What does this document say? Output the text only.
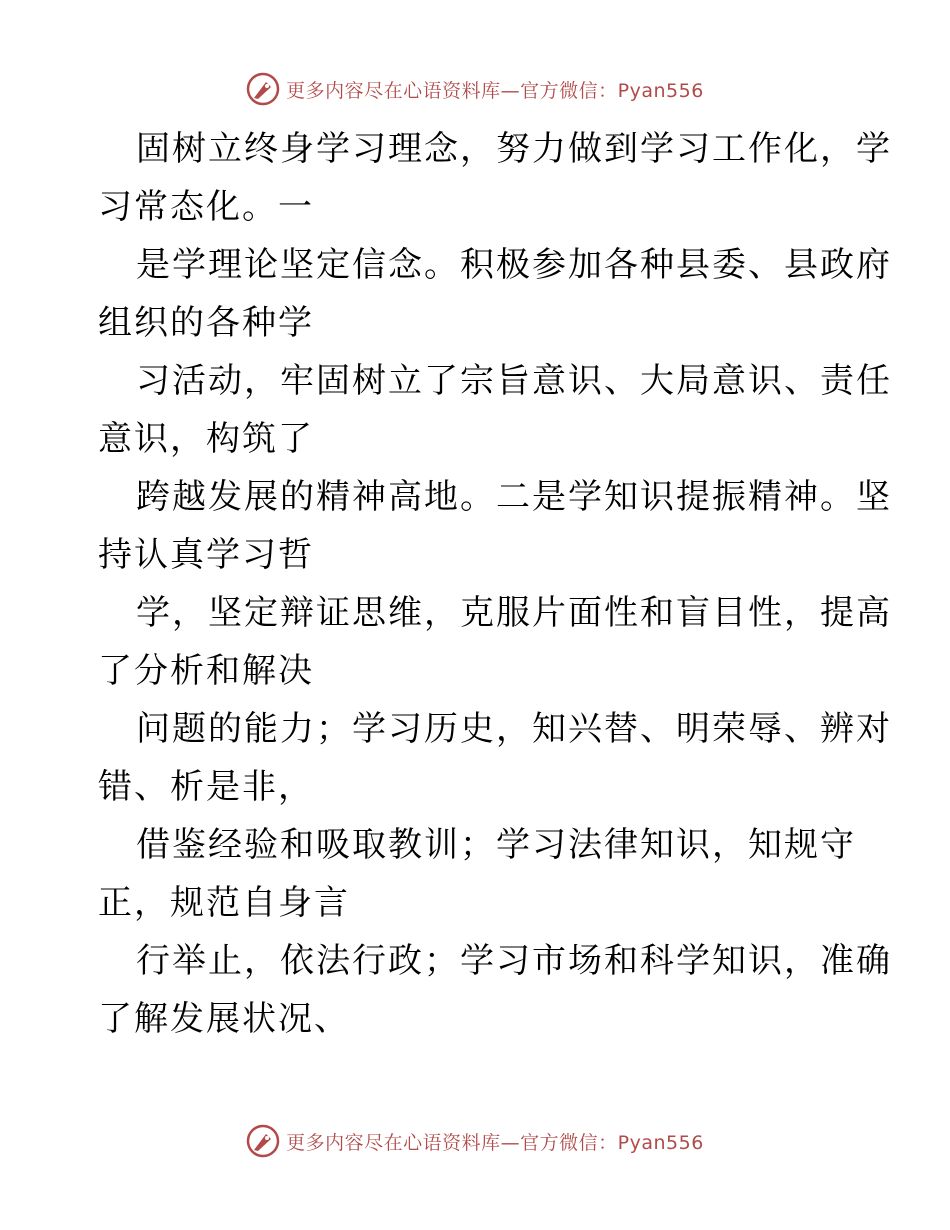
更多内容尽在心语资料库—官方微信：Pyan556
固树立终身学习理念，努力做到学习工作化，学
习常态化。一
是学理论坚定信念。积极参加各种县委、县政府
组织的各种学
习活动，牢固树立了宗旨意识、大局意识、责任
意识，构筑了
跨越发展的精神高地。二是学知识提振精神。坚
持认真学习哲
学，坚定辩证思维，克服片面性和盲目性，提高
了分析和解决
问题的能力；学习历史，知兴替、明荣辱、辨对
错、析是非，
借鉴经验和吸取教训；学习法律知识，知规守
正，规范自身言
行举止，依法行政；学习市场和科学知识，准确
了解发展状况、
更多内容尽在心语资料库—官方微信：Pyan556
